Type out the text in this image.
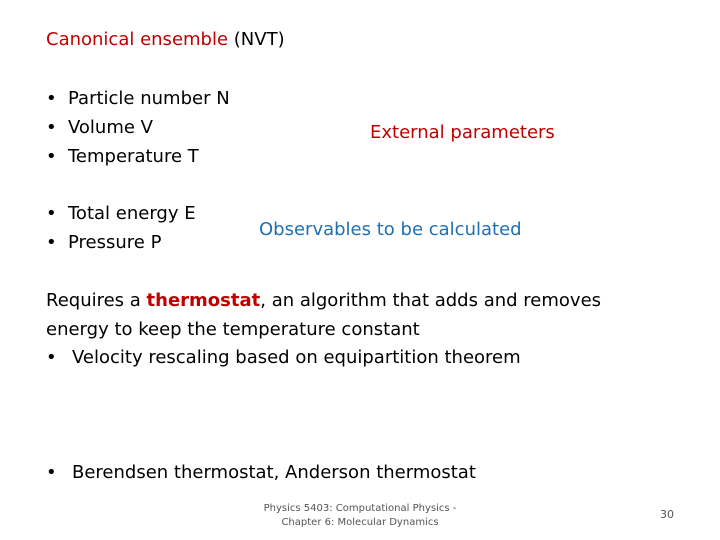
Canonical ensemble (NVT)
• Particle number N
• Volume V
• Temperature T
External parameters
• Total energy E
• Pressure P
Observables to be calculated
Requires a thermostat, an algorithm that adds and removes energy to keep the temperature constant
• Velocity rescaling based on equipartition theorem
• Berendsen thermostat, Anderson thermostat
Physics 5403: Computational Physics -
Chapter 6: Molecular Dynamics
30
